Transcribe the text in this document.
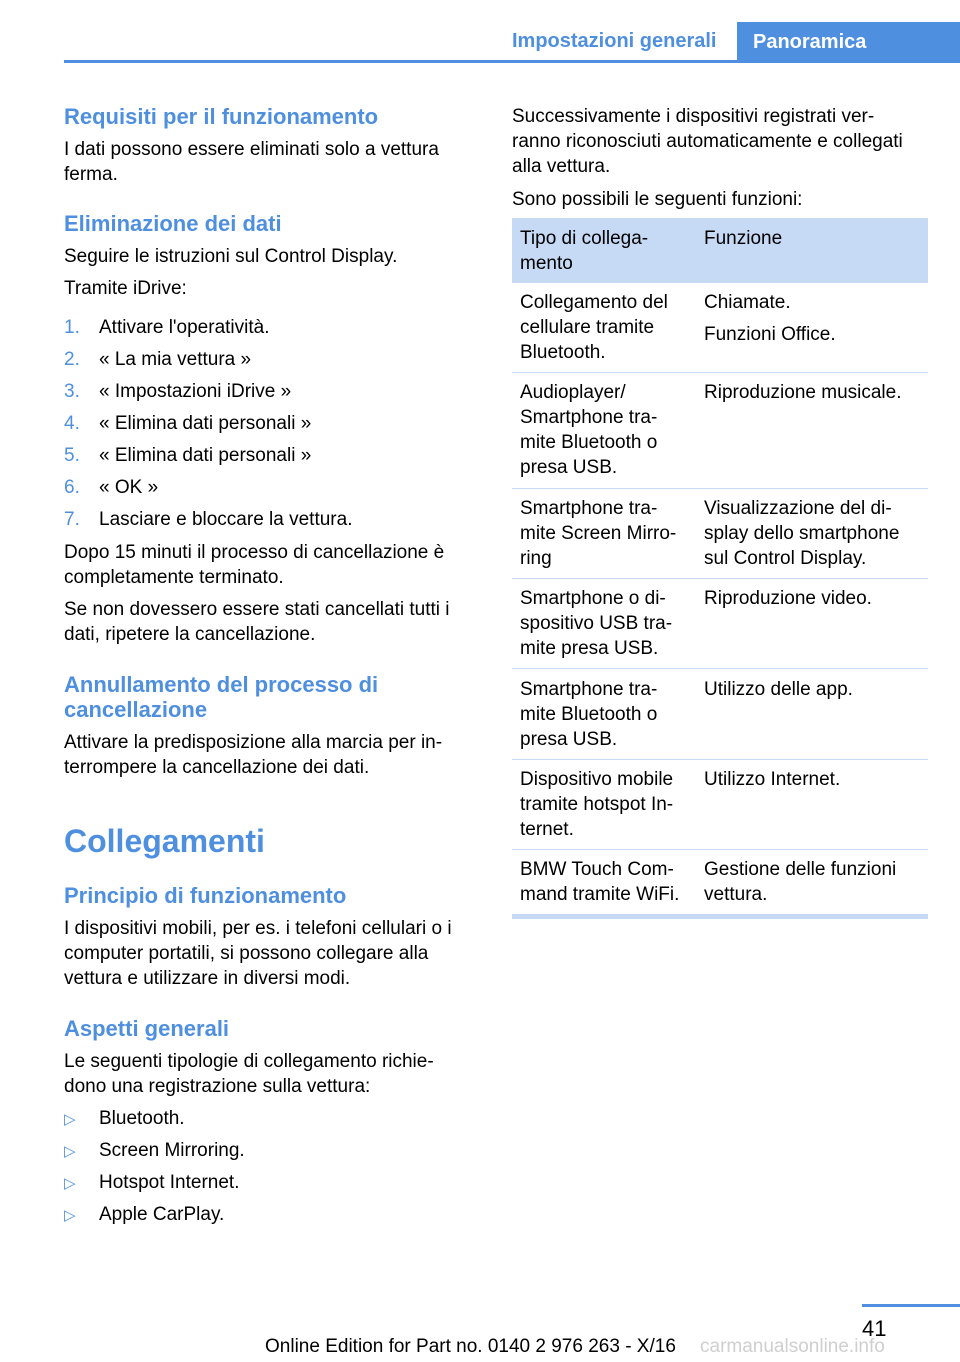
Impostazioni generali Panoramica
Requisiti per il funzionamento
I dati possono essere eliminati solo a vettura
ferma.
Eliminazione dei dati
Seguire le istruzioni sul Control Display.
Tramite iDrive:
1. Attivare l'operatività.
2. « La mia vettura »
3. « Impostazioni iDrive »
4. « Elimina dati personali »
5. « Elimina dati personali »
6. « OK »
7. Lasciare e bloccare la vettura.
Dopo 15 minuti il processo di cancellazione è
completamente terminato.
Se non dovessero essere stati cancellati tutti i
dati, ripetere la cancellazione.
Annullamento del processo di
cancellazione
Attivare la predisposizione alla marcia per in-
terrompere la cancellazione dei dati.
Collegamenti
Principio di funzionamento
I dispositivi mobili, per es. i telefoni cellulari o i
computer portatili, si possono collegare alla
vettura e utilizzare in diversi modi.
Aspetti generali
Le seguenti tipologie di collegamento richie-
dono una registrazione sulla vettura:
▷ Bluetooth.
▷ Screen Mirroring.
▷ Hotspot Internet.
▷ Apple CarPlay.
Successivamente i dispositivi registrati ver-
ranno riconosciuti automaticamente e collegati
alla vettura.
Sono possibili le seguenti funzioni:
Tipo di collega-
mento
Funzione
Collegamento del
cellulare tramite
Bluetooth.
Chiamate.
Funzioni Office.
Audioplayer/
Smartphone tra-
mite Bluetooth o
presa USB.
Riproduzione musicale.
Smartphone tra-
mite Screen Mirro-
ring
Visualizzazione del di-
splay dello smartphone
sul Control Display.
Smartphone o di-
spositivo USB tra-
mite presa USB.
Riproduzione video.
Smartphone tra-
mite Bluetooth o
presa USB.
Utilizzo delle app.
Dispositivo mobile
tramite hotspot In-
ternet.
Utilizzo Internet.
BMW Touch Com-
mand tramite WiFi.
Gestione delle funzioni
vettura.
41
Online Edition for Part no. 0140 2 976 263 - X/16 carmanualsonline.info
